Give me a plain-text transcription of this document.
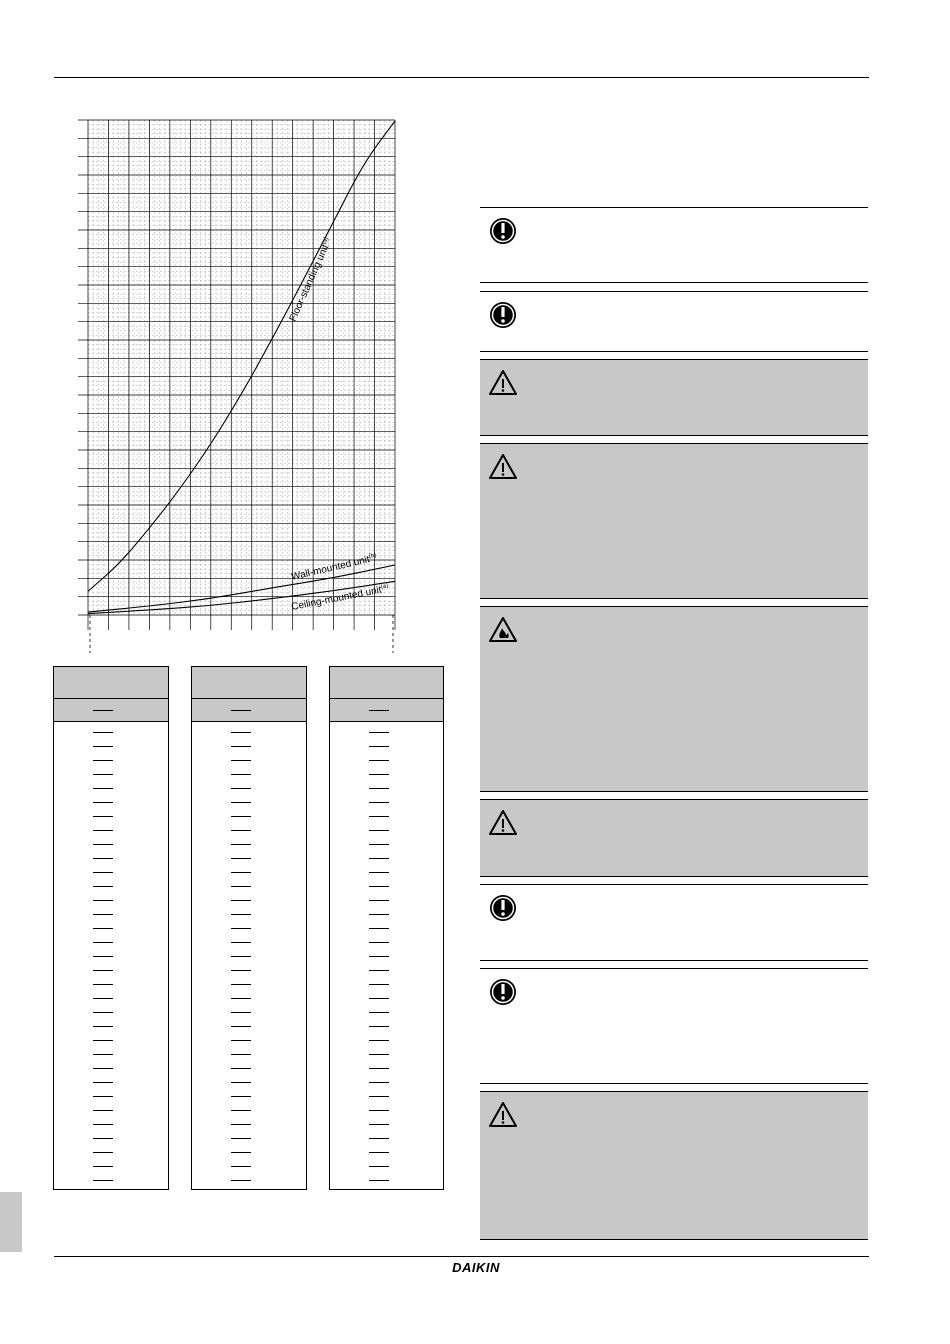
Floor-standing unit$^{(a)}$
Wall-mounted unit$^{(b)}$
Ceiling-mounted unit$^{(a)}$
DAIKIN
